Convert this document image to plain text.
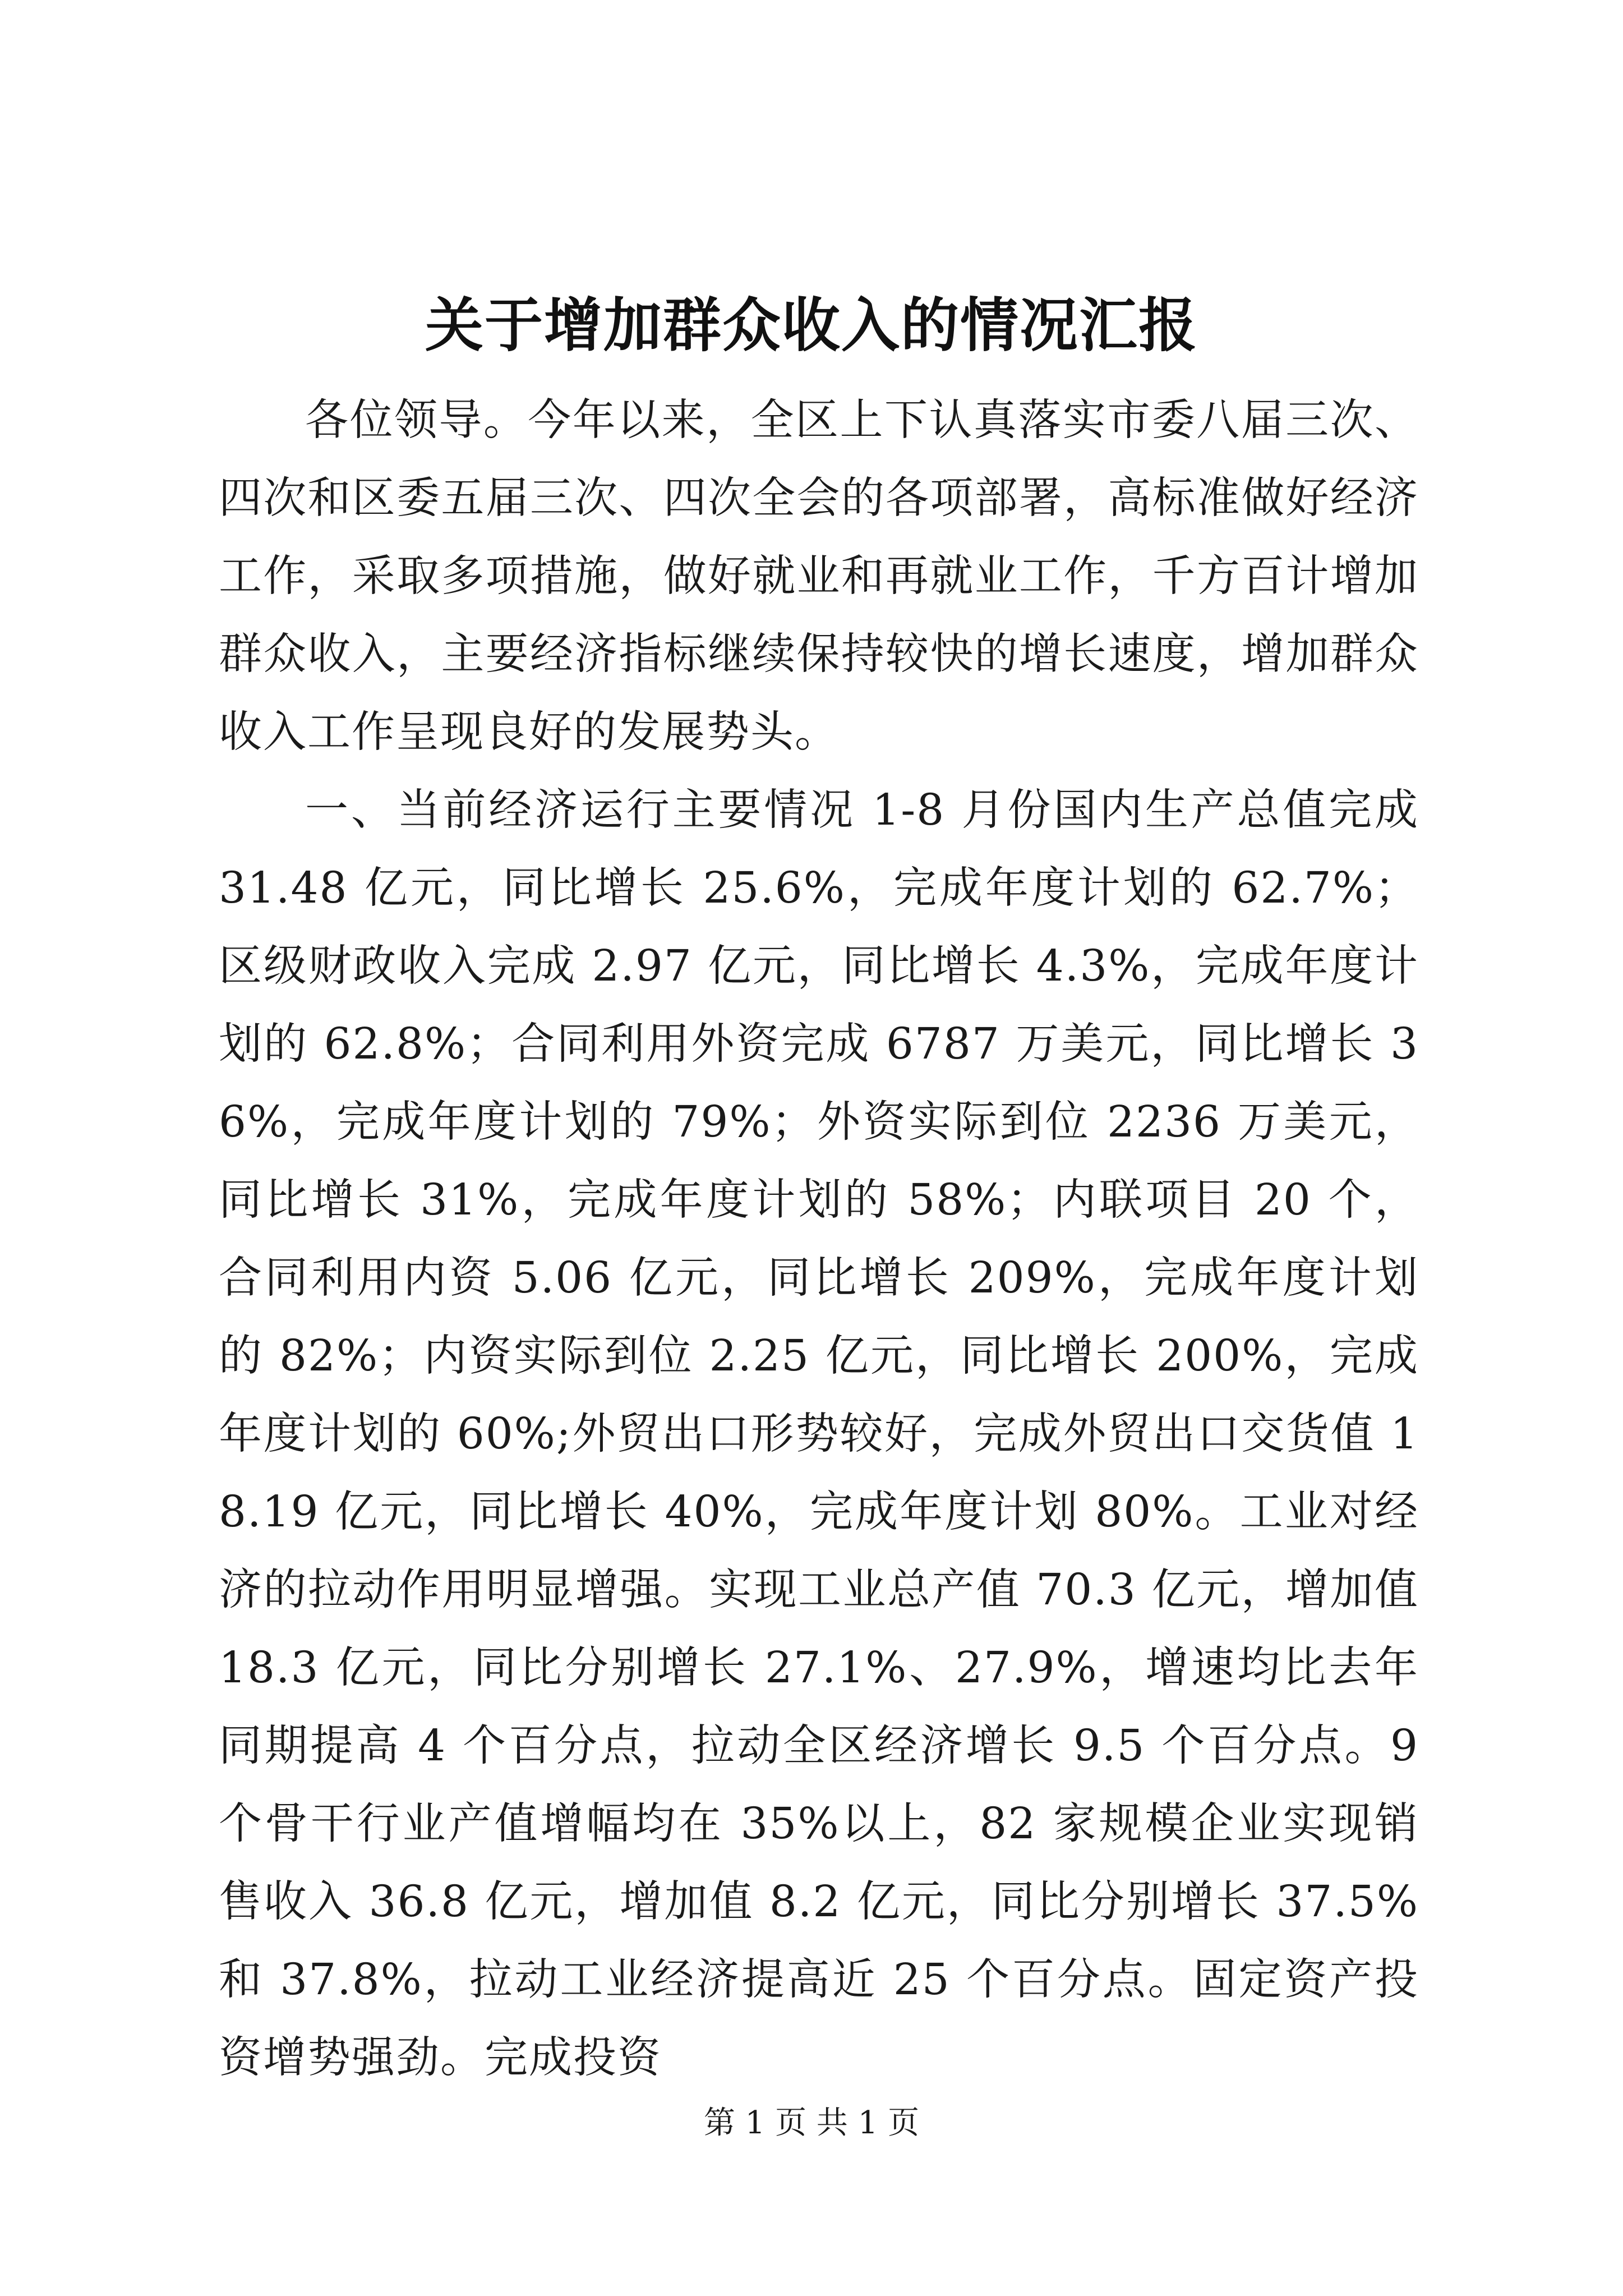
关于增加群众收入的情况汇报

各位领导。今年以来，全区上下认真落实市委八届三次、四次和区委五届三次、四次全会的各项部署，高标准做好经济工作，采取多项措施，做好就业和再就业工作，千方百计增加群众收入，主要经济指标继续保持较快的增长速度，增加群众收入工作呈现良好的发展势头。

一、当前经济运行主要情况 1-8 月份国内生产总值完成 31.48 亿元，同比增长 25.6%，完成年度计划的 62.7%；区级财政收入完成 2.97 亿元，同比增长 4.3%，完成年度计划的 62.8%；合同利用外资完成 6787 万美元，同比增长 36%，完成年度计划的 79%；外资实际到位 2236 万美元，同比增长 31%，完成年度计划的 58%；内联项目 20 个，合同利用内资 5.06 亿元，同比增长 209%，完成年度计划的 82%；内资实际到位 2.25 亿元，同比增长 200%，完成年度计划的 60%;外贸出口形势较好，完成外贸出口交货值 18.19 亿元，同比增长 40%，完成年度计划 80%。工业对经济的拉动作用明显增强。实现工业总产值 70.3 亿元，增加值 18.3 亿元，同比分别增长 27.1%、27.9%，增速均比去年同期提高 4 个百分点，拉动全区经济增长 9.5 个百分点。9 个骨干行业产值增幅均在 35%以上，82 家规模企业实现销售收入 36.8 亿元，增加值 8.2 亿元，同比分别增长 37.5%和 37.8%，拉动工业经济提高近 25 个百分点。固定资产投资增势强劲。完成投资

第 1 页 共 1 页
